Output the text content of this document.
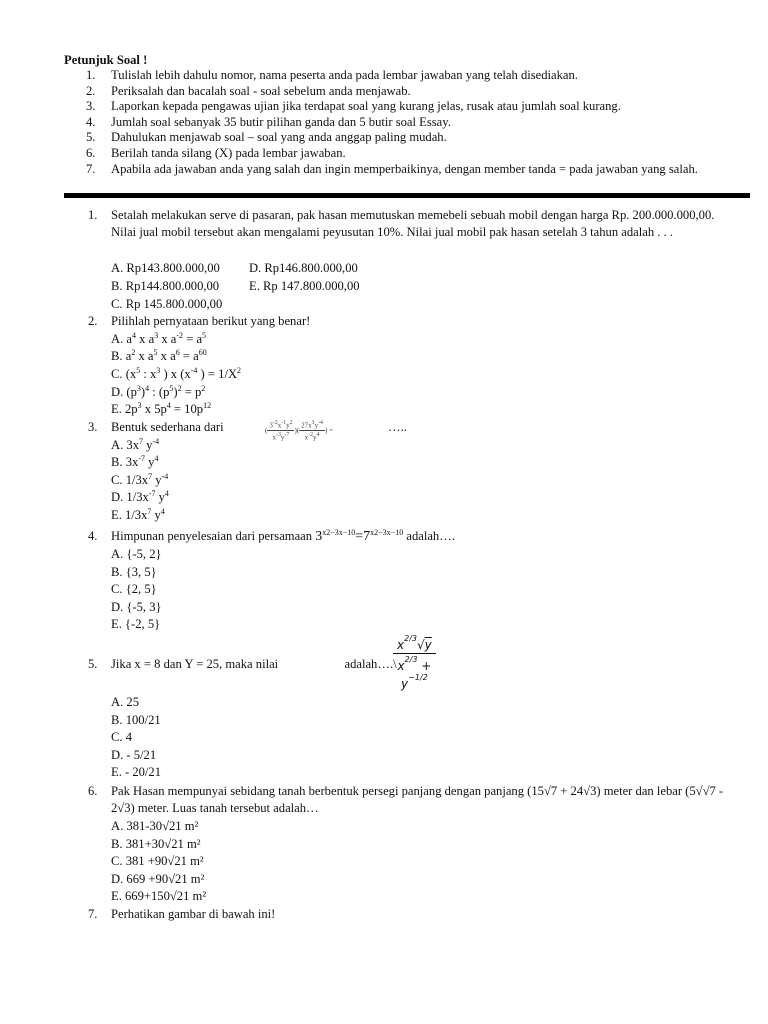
Petunjuk Soal !
1. Tulislah lebih dahulu nomor, nama peserta anda pada lembar jawaban yang telah disediakan.
2. Periksalah dan bacalah soal - soal sebelum anda menjawab.
3. Laporkan kepada pengawas ujian jika terdapat soal yang kurang jelas, rusak atau jumlah soal kurang.
4. Jumlah soal sebanyak 35 butir pilihan ganda dan 5 butir soal Essay.
5. Dahulukan menjawab soal – soal yang anda anggap paling mudah.
6. Berilah tanda silang (X) pada lembar jawaban.
7. Apabila ada jawaban anda yang salah dan ingin memperbaikinya, dengan member tanda = pada jawaban yang salah.
1.	Setalah melakukan serve di pasaran, pak hasan memutuskan memebeli sebuah mobil dengan harga Rp. 200.000.000,00. Nilai jual mobil tersebut akan mengalami peyusutan 10%. Nilai jual mobil pak hasan setelah 3 tahun adalah . . .
A. Rp143.800.000,00 D. Rp146.800.000,00
B. Rp144.800.000,00 E. Rp 147.800.000,00
C. Rp 145.800.000,00
2.	Pilihlah pernyataan berikut yang benar!
A. $a^4$ x $a^3$ x $a^{-2} = a^5$
B. $a^2$ x $a^5$ x $a^6 = a^{60}$
C. ($x^5$ : $x^3$ ) x ($x^{-4}$ ) = $1/X^2$
D. $(p^3)^4$ : $(p^5)^2 = p^2$
E. $2p^3$ x $5p^4 = 10p^{12}$
3.	Bentuk sederhana dari	( $\frac{3^{-2}x^{-1}y^2}{x^{-3}y^{-7}}$ )( $\frac{27x^3y^{-4}}{x^{-2}y^4}$ ) =	…..
A. $3x^7$ $y^{-4}$
B. $3x^{-7}$ $y^4$
C. $1/3x^7$ $y^{-4}$
D. $1/3x^{-7}$ $y^4$
E. $1/3x^7$ $y^4$
4.	Himpunan penyelesaian dari persamaan $3^{x2-3x-10}=7^{x2-3x-10}$ adalah….
A. {-5, 2}
B. {3, 5}
C. {2, 5}
D. {-5, 3}
E. {-2, 5}
5.	Jika x = 8 dan Y = 25, maka nilai	adalah….\
$\frac{x^{2/3}√y}{x^{2/3} + y^{-1/2}}$
A. 25
B. 100/21
C. 4
D. - 5/21
E. - 20/21
6.	Pak Hasan mempunyai sebidang tanah berbentuk persegi panjang dengan panjang (15√7 + 24√3) meter dan lebar (5√√7 - 2√3) meter. Luas tanah tersebut adalah…
A. 381-30√21 m²
B. 381+30√21 m²
C. 381 +90√21 m²
D. 669 +90√21 m²
E. 669+150√21 m²
7.	Perhatikan gambar di bawah ini!
